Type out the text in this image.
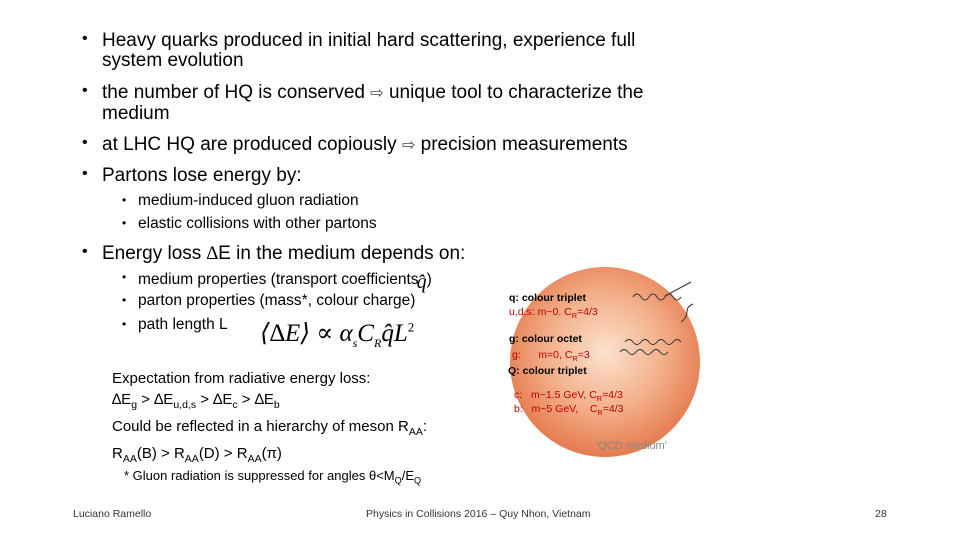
• Heavy quarks produced in initial hard scattering, experience full
system evolution
• the number of HQ is conserved ⇨ unique tool to characterize the
medium
• at LHC HQ are produced copiously ⇨ precision measurements
• Partons lose energy by:
• medium-induced gluon radiation
• elastic collisions with other partons
• Energy loss ∆E in the medium depends on:
• medium properties (transport coefficientsq̂)
• parton properties (mass*, colour charge)
• path length L ⟨∆E⟩ ∝ $\alpha_sC_Rq̂L^2$
q: colour triplet
u,d,s: m~0. $C_R=4/3$
g: colour octet
g: m=0, $C_R=3$
Q: colour triplet
c: m~1.5 GeV, $C_R=4/3$
b: m~5 GeV, $C_R=4/3$
'QCD medium'
Expectation from radiative energy loss:
$\Delta E_g > \Delta E_{u,d,s} > \Delta E_c > \Delta E_b$
Could be reflected in a hierarchy of meson $R_{AA}$:
$R_{AA}(B) > R_{AA}(D) > R_{AA}(\pi)$
* Gluon radiation is suppressed for angles $\theta<M_Q/E_Q$
Luciano Ramello	Physics in Collisions 2016 – Quy Nhon, Vietnam	28
